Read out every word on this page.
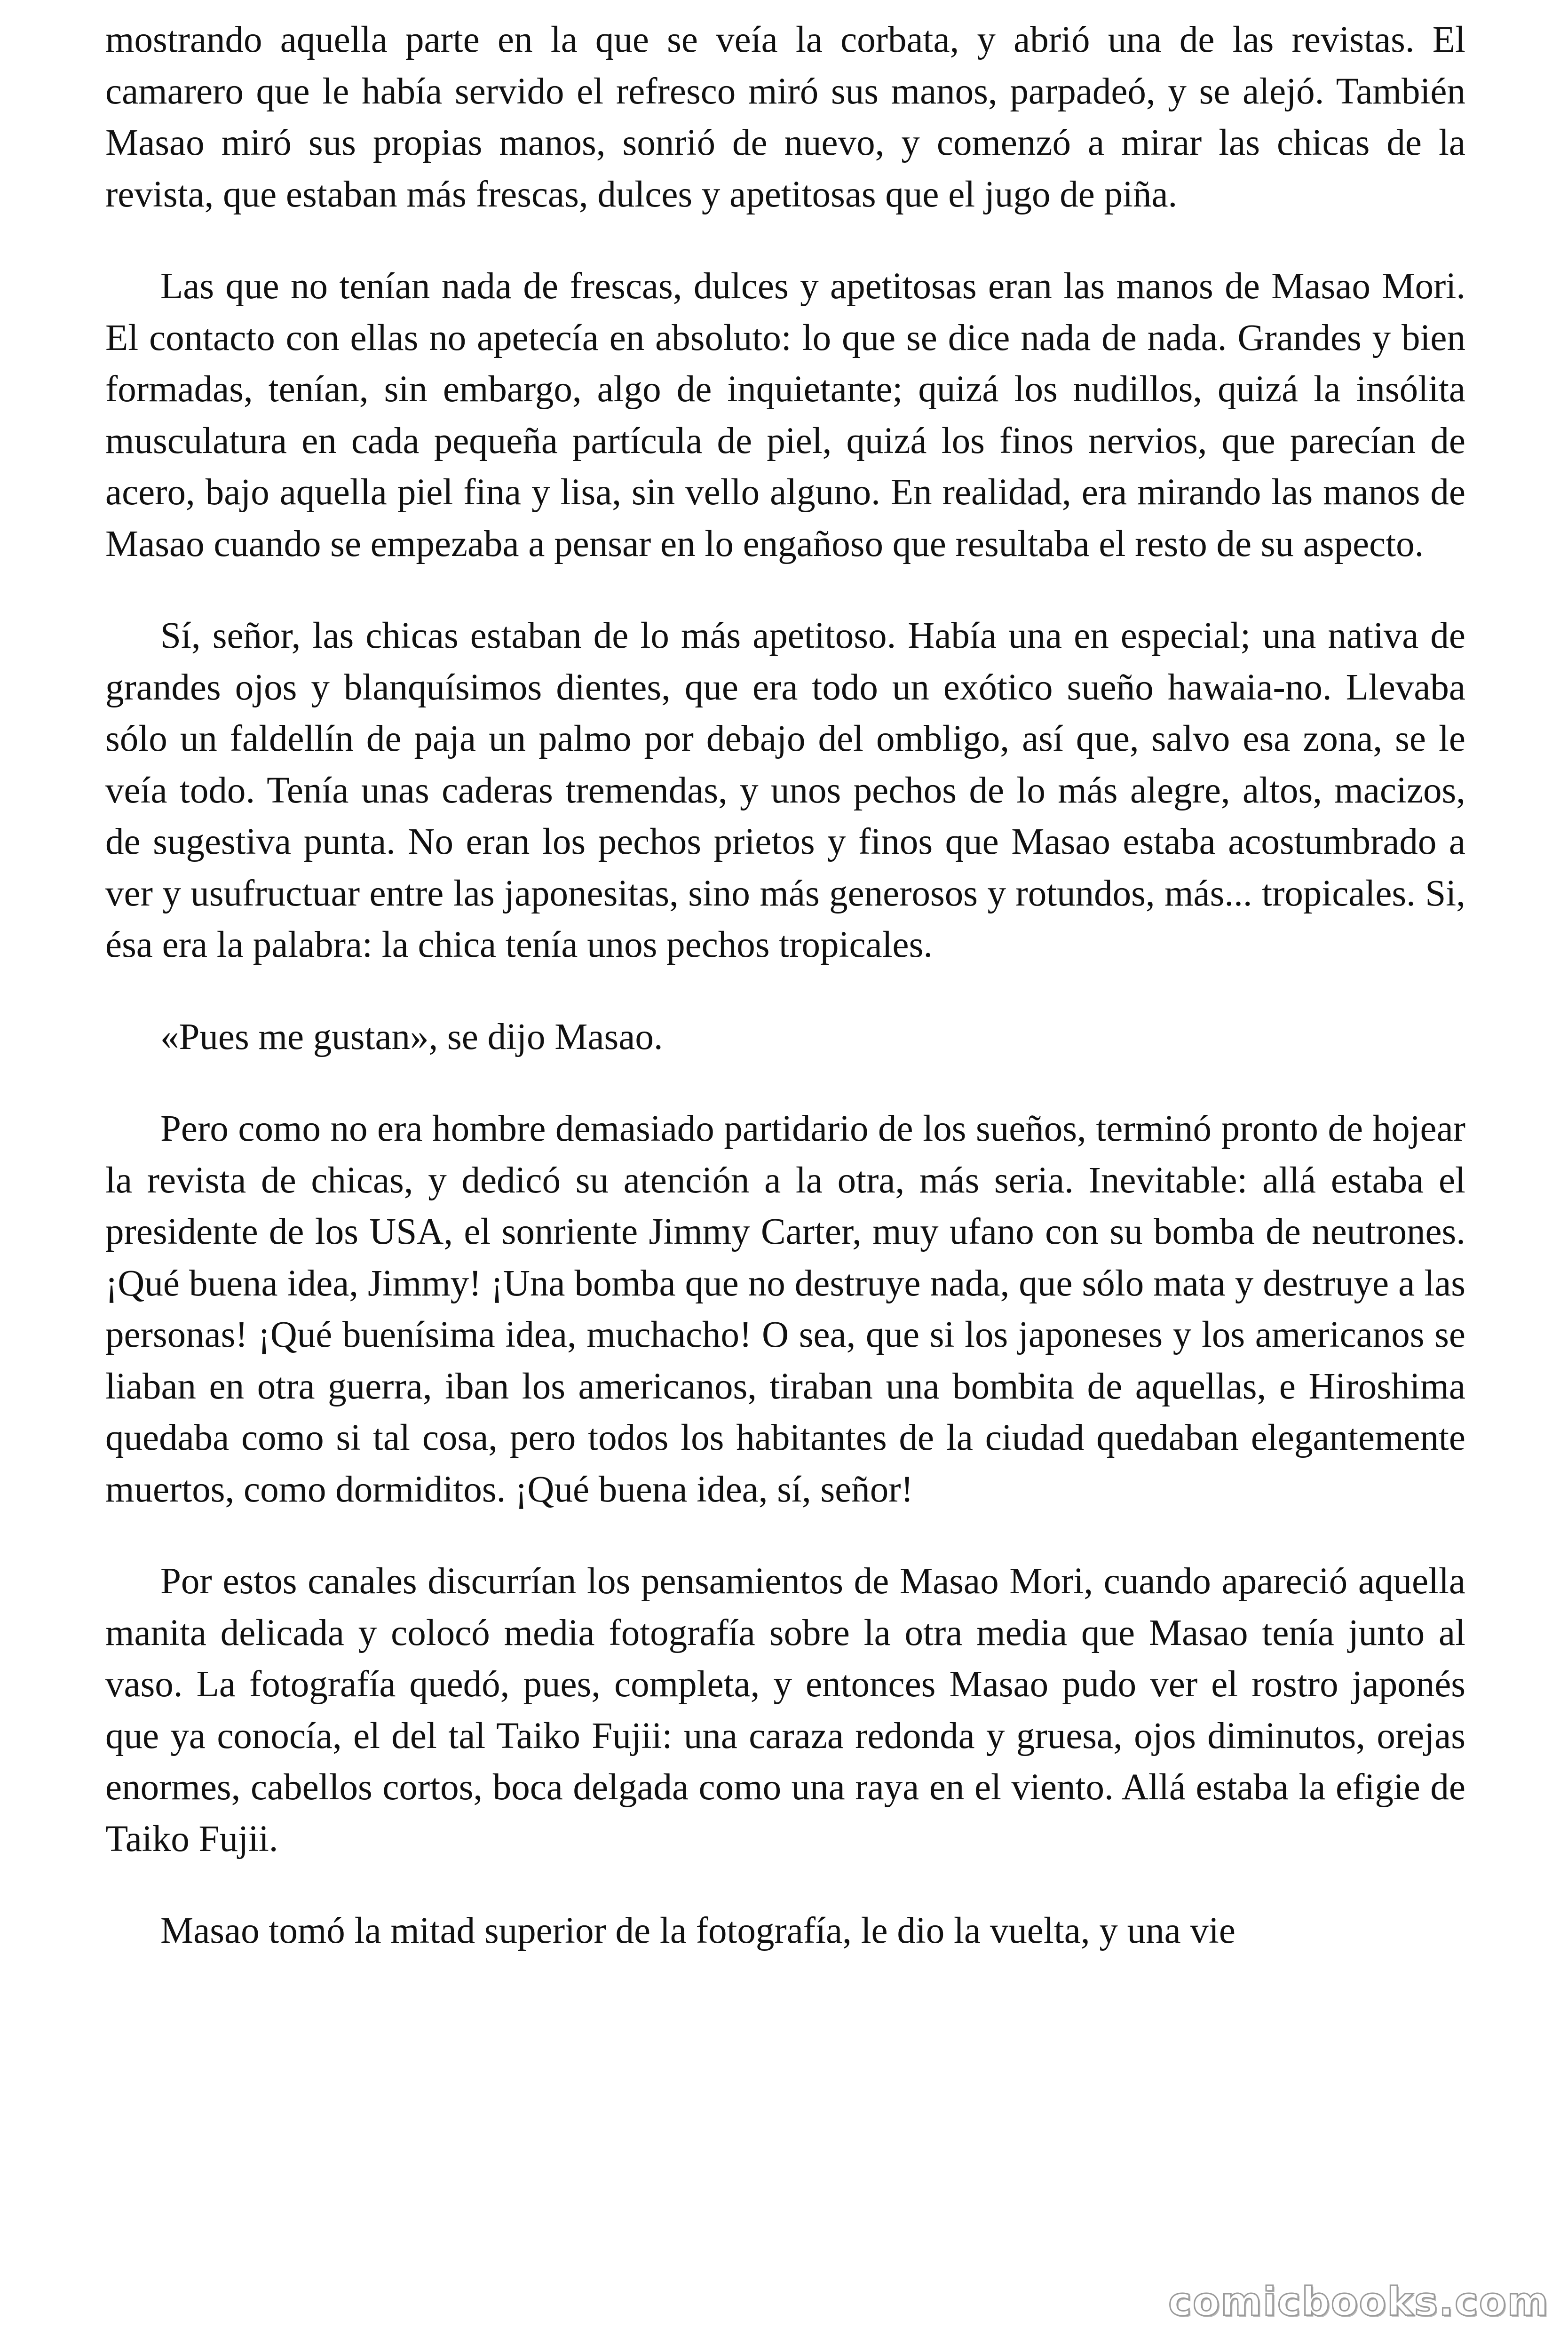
mostrando aquella parte en la que se veía la corbata, y abrió una de las revistas. El camarero que le había servido el refresco miró sus manos, parpadeó, y se alejó. También Masao miró sus propias manos, sonrió de nuevo, y comenzó a mirar las chicas de la revista, que estaban más frescas, dulces y apetitosas que el jugo de piña.

Las que no tenían nada de frescas, dulces y apetitosas eran las manos de Masao Mori. El contacto con ellas no apetecía en absoluto: lo que se dice nada de nada. Grandes y bien formadas, tenían, sin embargo, algo de inquietante; quizá los nudillos, quizá la insólita musculatura en cada pequeña partícula de piel, quizá los finos nervios, que parecían de acero, bajo aquella piel fina y lisa, sin vello alguno. En realidad, era mirando las manos de Masao cuando se empezaba a pensar en lo engañoso que resultaba el resto de su aspecto.

Sí, señor, las chicas estaban de lo más apetitoso. Había una en especial; una nativa de grandes ojos y blanquísimos dientes, que era todo un exótico sueño hawaia-no. Llevaba sólo un faldellín de paja un palmo por debajo del ombligo, así que, salvo esa zona, se le veía todo. Tenía unas caderas tremendas, y unos pechos de lo más alegre, altos, macizos, de sugestiva punta. No eran los pechos prietos y finos que Masao estaba acostumbrado a ver y usufructuar entre las japonesitas, sino más generosos y rotundos, más... tropicales. Si, ésa era la palabra: la chica tenía unos pechos tropicales.

«Pues me gustan», se dijo Masao.

Pero como no era hombre demasiado partidario de los sueños, terminó pronto de hojear la revista de chicas, y dedicó su atención a la otra, más seria. Inevitable: allá estaba el presidente de los USA, el sonriente Jimmy Carter, muy ufano con su bomba de neutrones. ¡Qué buena idea, Jimmy! ¡Una bomba que no destruye nada, que sólo mata y destruye a las personas! ¡Qué buenísima idea, muchacho! O sea, que si los japoneses y los americanos se liaban en otra guerra, iban los americanos, tiraban una bombita de aquellas, e Hiroshima quedaba como si tal cosa, pero todos los habitantes de la ciudad quedaban elegantemente muertos, como dormiditos. ¡Qué buena idea, sí, señor!

Por estos canales discurrían los pensamientos de Masao Mori, cuando apareció aquella manita delicada y colocó media fotografía sobre la otra media que Masao tenía junto al vaso. La fotografía quedó, pues, completa, y entonces Masao pudo ver el rostro japonés que ya conocía, el del tal Taiko Fujii: una caraza redonda y gruesa, ojos diminutos, orejas enormes, cabellos cortos, boca delgada como una raya en el viento. Allá estaba la efigie de Taiko Fujii.

Masao tomó la mitad superior de la fotografía, le dio la vuelta, y una vie

comicbooks.com
